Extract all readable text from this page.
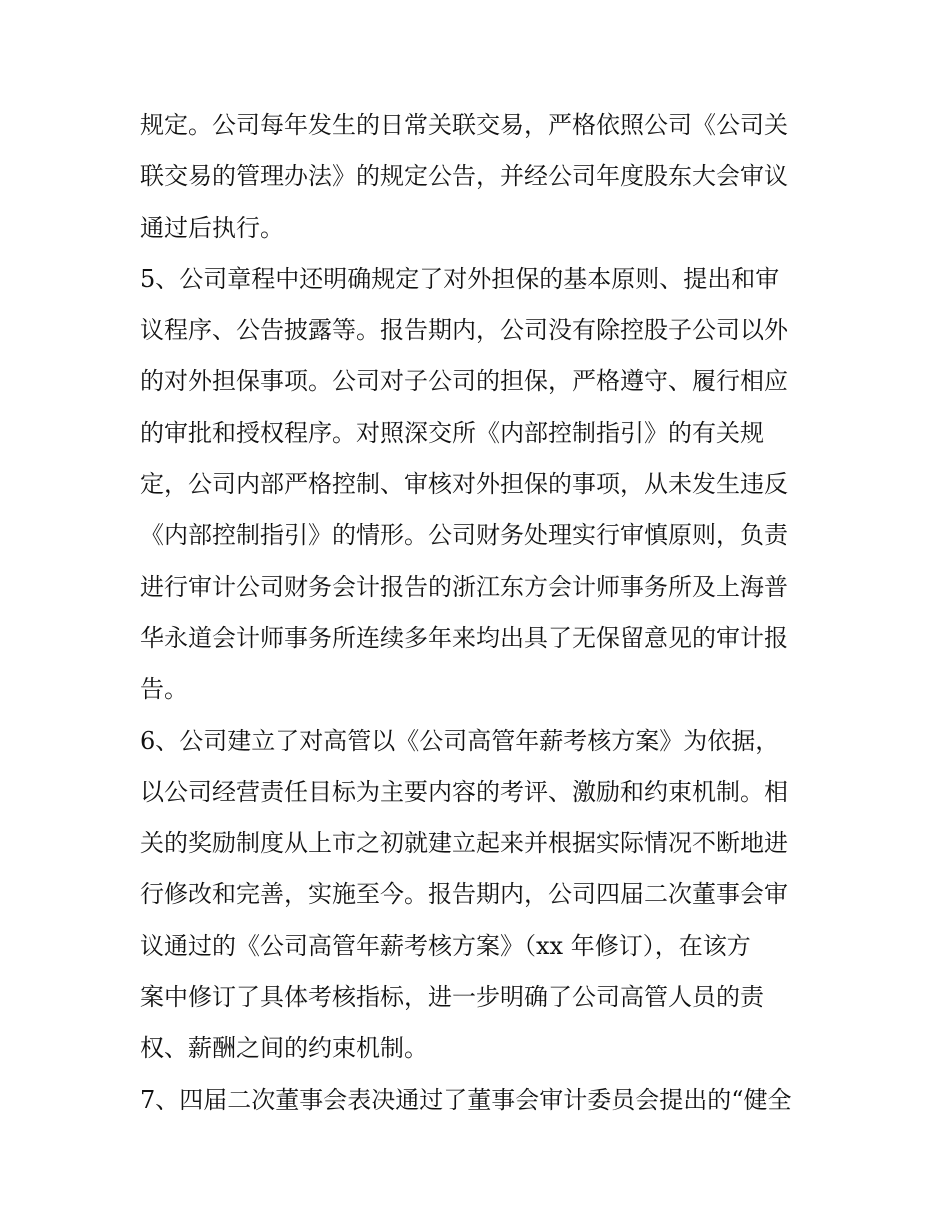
规定。公司每年发生的日常关联交易，严格依照公司《公司关
联交易的管理办法》的规定公告，并经公司年度股东大会审议
通过后执行。
5、公司章程中还明确规定了对外担保的基本原则、提出和审
议程序、公告披露等。报告期内，公司没有除控股子公司以外
的对外担保事项。公司对子公司的担保，严格遵守、履行相应
的审批和授权程序。对照深交所《内部控制指引》的有关规
定，公司内部严格控制、审核对外担保的事项，从未发生违反
《内部控制指引》的情形。公司财务处理实行审慎原则，负责
进行审计公司财务会计报告的浙江东方会计师事务所及上海普
华永道会计师事务所连续多年来均出具了无保留意见的审计报
告。
6、公司建立了对高管以《公司高管年薪考核方案》为依据，
以公司经营责任目标为主要内容的考评、激励和约束机制。相
关的奖励制度从上市之初就建立起来并根据实际情况不断地进
行修改和完善，实施至今。报告期内，公司四届二次董事会审
议通过的《公司高管年薪考核方案》（xx 年修订），在该方
案中修订了具体考核指标，进一步明确了公司高管人员的责
权、薪酬之间的约束机制。
7、四届二次董事会表决通过了董事会审计委员会提出的“健全
